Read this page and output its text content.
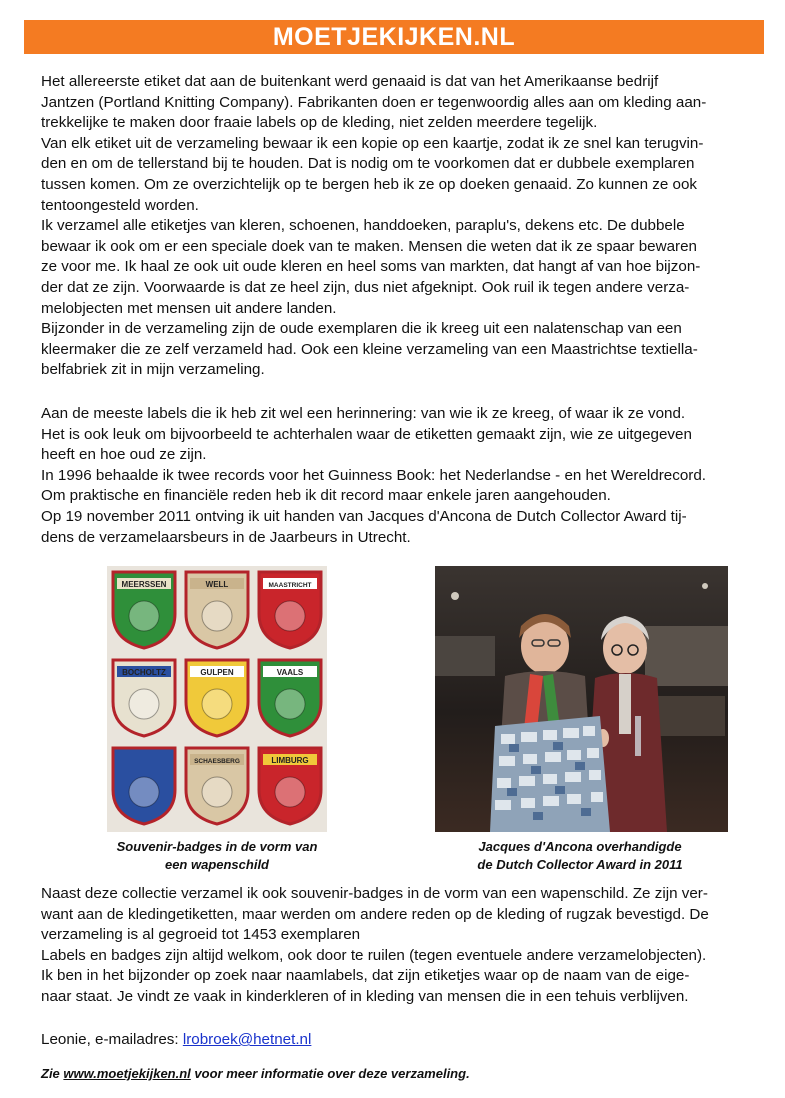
MOETJEKIJKEN.NL

Het allereerste etiket dat aan de buitenkant werd genaaid is dat van het Amerikaanse bedrijf

Jantzen (Portland Knitting Company). Fabrikanten doen er tegenwoordig alles aan om kleding aan-

trekkelijke te maken door fraaie labels op de kleding, niet zelden meerdere tegelijk.

Van elk etiket uit de verzameling bewaar ik een kopie op een kaartje, zodat ik ze snel kan terugvin-

den en om de tellerstand bij te houden. Dat is nodig om te voorkomen dat er dubbele exemplaren

tussen komen. Om ze overzichtelijk op te bergen heb ik ze op doeken genaaid. Zo kunnen ze ook

tentoongesteld worden.

Ik verzamel alle etiketjes van kleren, schoenen, handdoeken, paraplu's, dekens etc. De dubbele

bewaar ik ook om er een speciale doek van te maken. Mensen die weten dat ik ze spaar bewaren

ze voor me. Ik haal ze ook uit oude kleren en heel soms van markten, dat hangt af van hoe bijzon-

der dat ze zijn. Voorwaarde is dat ze heel zijn, dus niet afgeknipt. Ook ruil ik tegen andere verza-

melobjecten met mensen uit andere landen.

Bijzonder in de verzameling zijn de oude exemplaren die ik kreeg uit een nalatenschap van een

kleermaker die ze zelf verzameld had. Ook een kleine verzameling van een Maastrichtse textiella-

belfabriek zit in mijn verzameling.

Aan de meeste labels die ik heb zit wel een herinnering: van wie ik ze kreeg, of waar ik ze vond.

Het is ook leuk om bijvoorbeeld te achterhalen waar de etiketten gemaakt zijn, wie ze uitgegeven

heeft en hoe oud ze zijn.

In 1996 behaalde ik twee records voor het Guinness Book: het Nederlandse - en het Wereldrecord.

Om praktische en financiële reden heb ik dit record maar enkele jaren aangehouden.

Op 19 november 2011 ontving ik uit handen van Jacques d'Ancona de Dutch Collector Award tij-

dens de verzamelaarsbeurs in de Jaarbeurs in Utrecht.

MEERSSEN	WELL	MAASTRICHT
BOCHOLTZ	GULPEN	VAALS
SCHAESBERG	LIMBURG
Souvenir-badges in de vorm van
een wapenschild
Jacques d'Ancona overhandigde
de Dutch Collector Award in 2011

Naast deze collectie verzamel ik ook souvenir-badges in de vorm van een wapenschild. Ze zijn ver-

want aan de kledingetiketten, maar werden om andere reden op de kleding of rugzak bevestigd. De

verzameling is al gegroeid tot 1453 exemplaren

Labels en badges zijn altijd welkom, ook door te ruilen (tegen eventuele andere verzamelobjecten).

Ik ben in het bijzonder op zoek naar naamlabels, dat zijn etiketjes waar op de naam van de eige-

naar staat. Je vindt ze vaak in kinderkleren of in kleding van mensen die in een tehuis verblijven.

Leonie, e-mailadres: lrobroek@hetnet.nl
Zie www.moetjekijken.nl voor meer informatie over deze verzameling.
